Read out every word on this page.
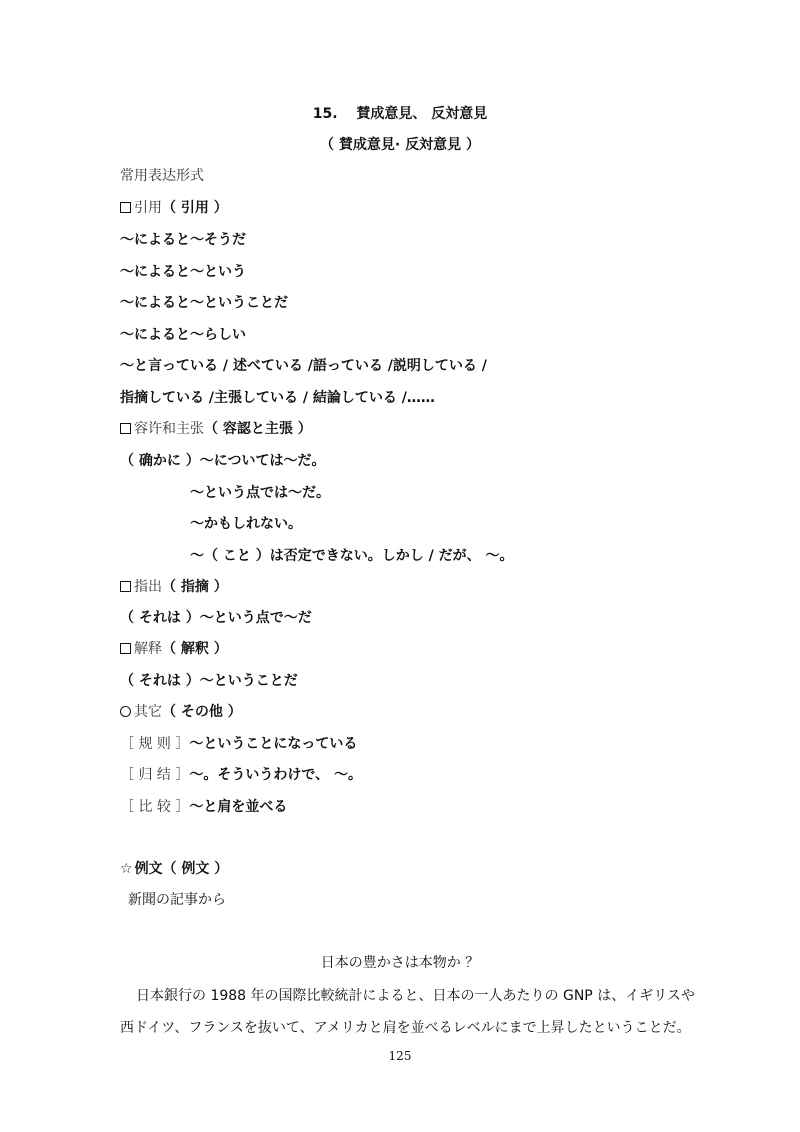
15.　 賛成意見、 反対意見
（ 賛成意見· 反対意見 ）
常用表达形式
引用（ 引用 ）
～によると～そうだ
～によると～という
～によると～ということだ
～によると～らしい
～と言っている / 述べている /語っている /説明している /
指摘している /主張している / 結論している /……
容许和主张（ 容認と主張 ）
（ 确かに ）～については～だ。
～という点では～だ。
～かもしれない。
～（ こと ）は否定できない。しかし / だが、 ～。
指出（ 指摘 ）
（ それは ）～という点で～だ
解释（ 解釈 ）
（ それは ）～ということだ
其它（ その他 ）
［ 规 则 ］～ということになっている
［ 归 结 ］～。そういうわけで、 ～。
［ 比 较 ］～と肩を並べる
☆ 例文（ 例文 ）
新聞の記事から
日本の豊かさは本物か ？
日本銀行の 1988 年の国際比較統計によると、日本の一人あたりの GNP は、イギリスや
西ドイツ、フランスを抜いて、アメリカと肩を並べるレベルにまで上昇したということだ。
125
